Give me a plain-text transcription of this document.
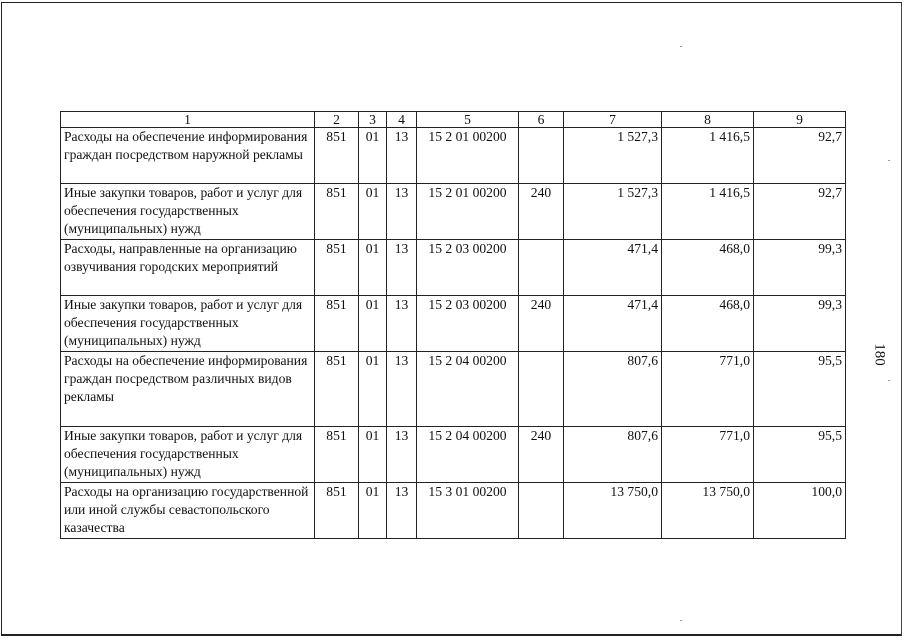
1	2	3	4	5	6	7	8	9
Расходы на обеспечение информирования граждан посредством наружной рекламы	851	01	13	15 2 01 00200		1 527,3	1 416,5	92,7
Иные закупки товаров, работ и услуг для обеспечения государственных (муниципальных) нужд	851	01	13	15 2 01 00200	240	1 527,3	1 416,5	92,7
Расходы, направленные на организацию озвучивания городских мероприятий	851	01	13	15 2 03 00200		471,4	468,0	99,3
Иные закупки товаров, работ и услуг для обеспечения государственных (муниципальных) нужд	851	01	13	15 2 03 00200	240	471,4	468,0	99,3
Расходы на обеспечение информирования граждан посредством различных видов рекламы	851	01	13	15 2 04 00200		807,6	771,0	95,5
Иные закупки товаров, работ и услуг для обеспечения государственных (муниципальных) нужд	851	01	13	15 2 04 00200	240	807,6	771,0	95,5
Расходы на организацию государственной или иной службы севастопольского казачества	851	01	13	15 3 01 00200		13 750,0	13 750,0	100,0
180
